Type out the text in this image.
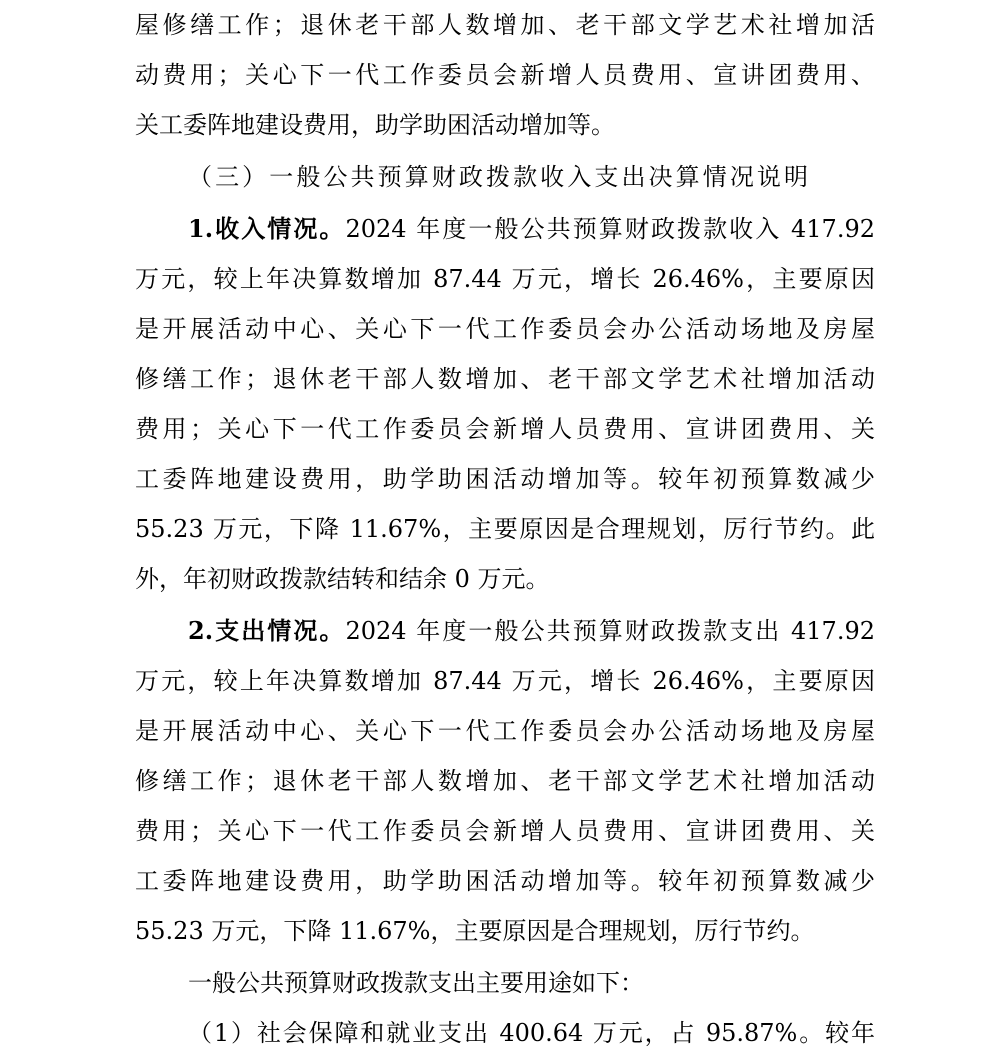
屋修缮工作；退休老干部人数增加、老干部文学艺术社增加活
动费用；关心下一代工作委员会新增人员费用、宣讲团费用、
关工委阵地建设费用，助学助困活动增加等。
（三）一般公共预算财政拨款收入支出决算情况说明
1.收入情况。2024 年度一般公共预算财政拨款收入 417.92
万元，较上年决算数增加 87.44 万元，增长 26.46%，主要原因
是开展活动中心、关心下一代工作委员会办公活动场地及房屋
修缮工作；退休老干部人数增加、老干部文学艺术社增加活动
费用；关心下一代工作委员会新增人员费用、宣讲团费用、关
工委阵地建设费用，助学助困活动增加等。较年初预算数减少
55.23 万元，下降 11.67%，主要原因是合理规划，厉行节约。此
外，年初财政拨款结转和结余 0 万元。
2.支出情况。2024 年度一般公共预算财政拨款支出 417.92
万元，较上年决算数增加 87.44 万元，增长 26.46%，主要原因
是开展活动中心、关心下一代工作委员会办公活动场地及房屋
修缮工作；退休老干部人数增加、老干部文学艺术社增加活动
费用；关心下一代工作委员会新增人员费用、宣讲团费用、关
工委阵地建设费用，助学助困活动增加等。较年初预算数减少
55.23 万元，下降 11.67%，主要原因是合理规划，厉行节约。
一般公共预算财政拨款支出主要用途如下：
（1）社会保障和就业支出 400.64 万元，占 95.87%。较年
